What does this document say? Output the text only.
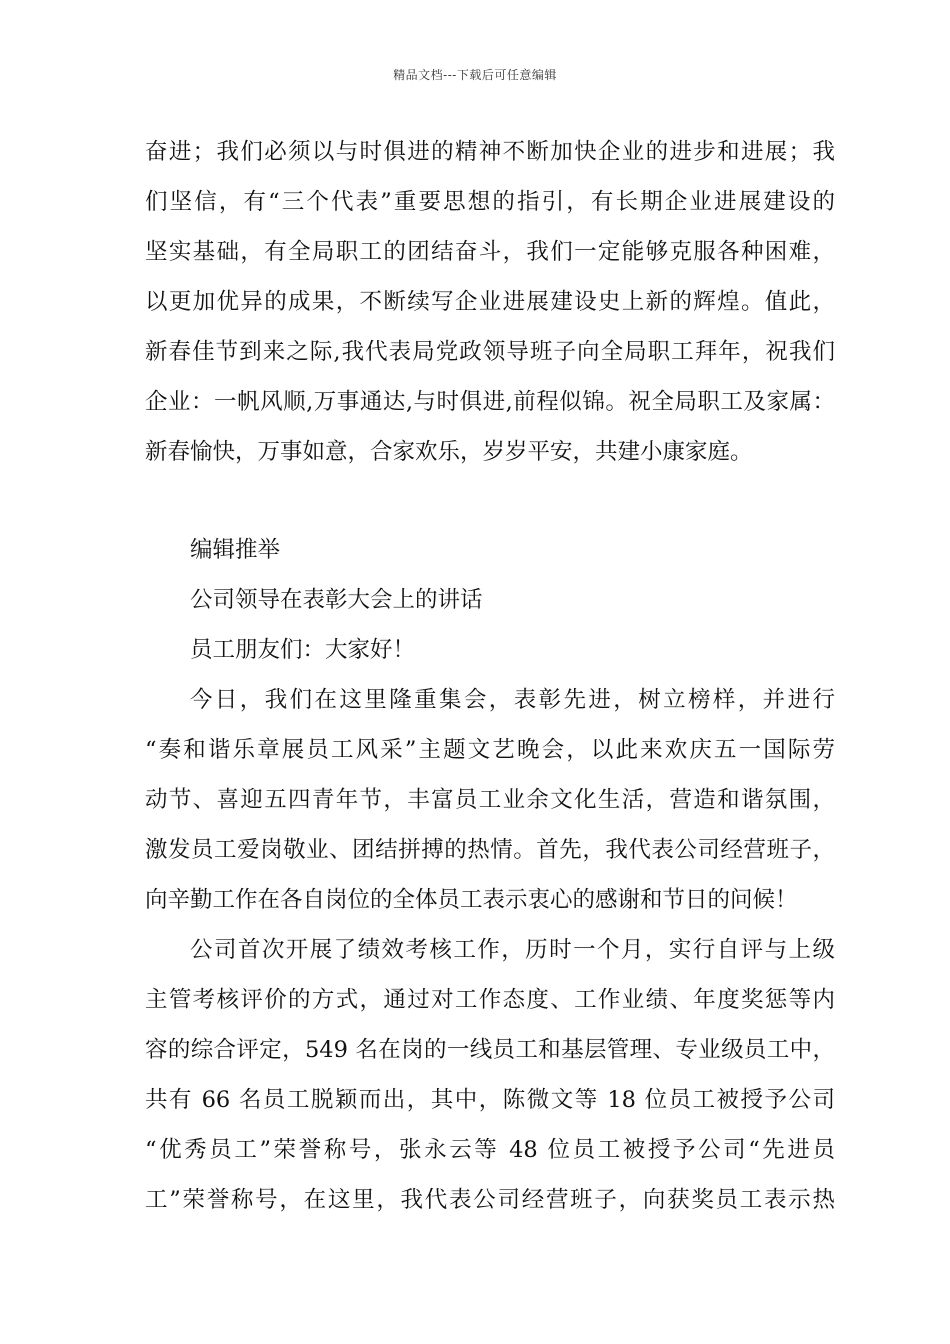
精品文档---下载后可任意编辑
奋进；我们必须以与时俱进的精神不断加快企业的进步和进展；我
们坚信，有“三个代表”重要思想的指引，有长期企业进展建设的
坚实基础，有全局职工的团结奋斗，我们一定能够克服各种困难，
以更加优异的成果，不断续写企业进展建设史上新的辉煌。值此，
新春佳节到来之际,我代表局党政领导班子向全局职工拜年，祝我们
企业：一帆风顺,万事通达,与时俱进,前程似锦。祝全局职工及家属：
新春愉快，万事如意，合家欢乐，岁岁平安，共建小康家庭。
编辑推举
公司领导在表彰大会上的讲话
员工朋友们：大家好！
今日，我们在这里隆重集会，表彰先进，树立榜样，并进行
“奏和谐乐章展员工风采”主题文艺晚会，以此来欢庆五一国际劳
动节、喜迎五四青年节，丰富员工业余文化生活，营造和谐氛围，
激发员工爱岗敬业、团结拼搏的热情。首先，我代表公司经营班子，
向辛勤工作在各自岗位的全体员工表示衷心的感谢和节日的问候！
公司首次开展了绩效考核工作，历时一个月，实行自评与上级
主管考核评价的方式，通过对工作态度、工作业绩、年度奖惩等内
容的综合评定，549 名在岗的一线员工和基层管理、专业级员工中，
共有 66 名员工脱颖而出，其中，陈微文等 18 位员工被授予公司
“优秀员工”荣誉称号，张永云等 48 位员工被授予公司“先进员
工”荣誉称号，在这里，我代表公司经营班子，向获奖员工表示热
